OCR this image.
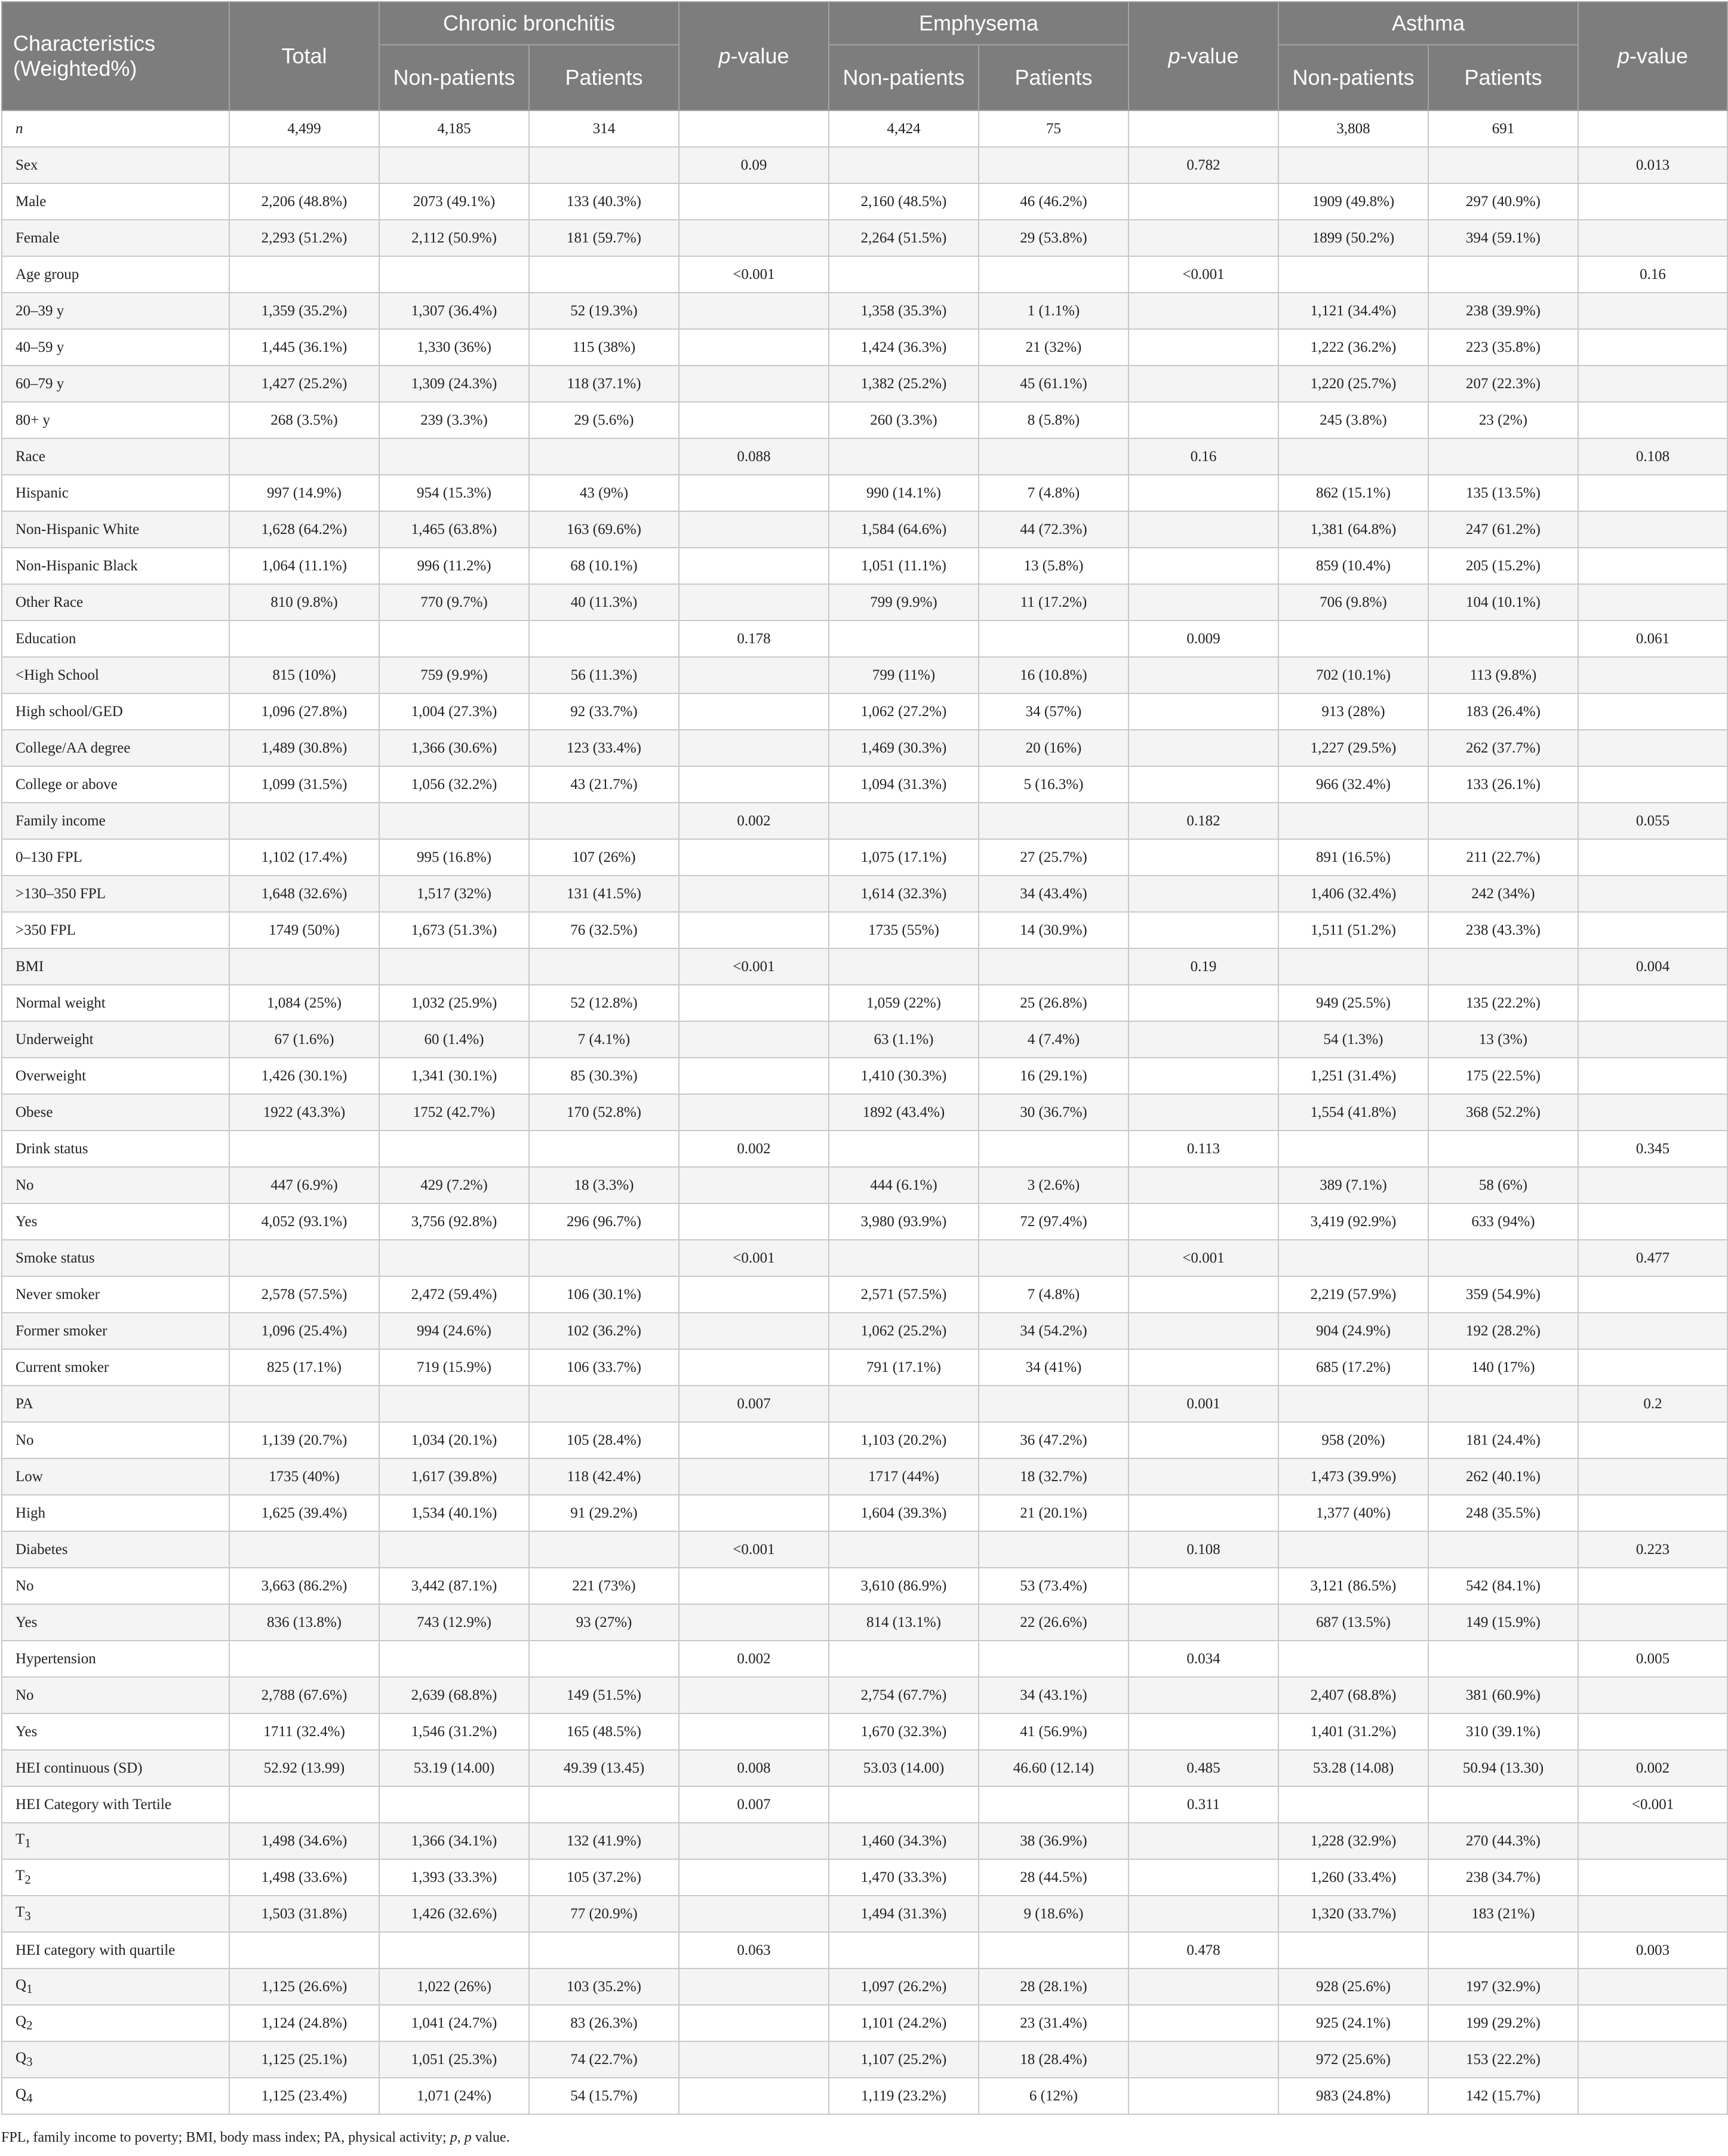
Characteristics (Weighted%)	Total	Chronic bronchitis		p-value	Emphysema		p-value	Asthma		p-value
		Non-patients	Patients		Non-patients	Patients		Non-patients	Patients	
n	4,499	4,185	314		4,424	75		3,808	691	
Sex				0.09			0.782			0.013
Male	2,206 (48.8%)	2073 (49.1%)	133 (40.3%)		2,160 (48.5%)	46 (46.2%)		1909 (49.8%)	297 (40.9%)	
Female	2,293 (51.2%)	2,112 (50.9%)	181 (59.7%)		2,264 (51.5%)	29 (53.8%)		1899 (50.2%)	394 (59.1%)	
Age group				<0.001			<0.001			0.16
20–39 y	1,359 (35.2%)	1,307 (36.4%)	52 (19.3%)		1,358 (35.3%)	1 (1.1%)		1,121 (34.4%)	238 (39.9%)	
40–59 y	1,445 (36.1%)	1,330 (36%)	115 (38%)		1,424 (36.3%)	21 (32%)		1,222 (36.2%)	223 (35.8%)	
60–79 y	1,427 (25.2%)	1,309 (24.3%)	118 (37.1%)		1,382 (25.2%)	45 (61.1%)		1,220 (25.7%)	207 (22.3%)	
80+ y	268 (3.5%)	239 (3.3%)	29 (5.6%)		260 (3.3%)	8 (5.8%)		245 (3.8%)	23 (2%)	
Race				0.088			0.16			0.108
Hispanic	997 (14.9%)	954 (15.3%)	43 (9%)		990 (14.1%)	7 (4.8%)		862 (15.1%)	135 (13.5%)	
Non-Hispanic White	1,628 (64.2%)	1,465 (63.8%)	163 (69.6%)		1,584 (64.6%)	44 (72.3%)		1,381 (64.8%)	247 (61.2%)	
Non-Hispanic Black	1,064 (11.1%)	996 (11.2%)	68 (10.1%)		1,051 (11.1%)	13 (5.8%)		859 (10.4%)	205 (15.2%)	
Other Race	810 (9.8%)	770 (9.7%)	40 (11.3%)		799 (9.9%)	11 (17.2%)		706 (9.8%)	104 (10.1%)	
Education				0.178			0.009			0.061
<High School	815 (10%)	759 (9.9%)	56 (11.3%)		799 (11%)	16 (10.8%)		702 (10.1%)	113 (9.8%)	
High school/GED	1,096 (27.8%)	1,004 (27.3%)	92 (33.7%)		1,062 (27.2%)	34 (57%)		913 (28%)	183 (26.4%)	
College/AA degree	1,489 (30.8%)	1,366 (30.6%)	123 (33.4%)		1,469 (30.3%)	20 (16%)		1,227 (29.5%)	262 (37.7%)	
College or above	1,099 (31.5%)	1,056 (32.2%)	43 (21.7%)		1,094 (31.3%)	5 (16.3%)		966 (32.4%)	133 (26.1%)	
Family income				0.002			0.182			0.055
0–130 FPL	1,102 (17.4%)	995 (16.8%)	107 (26%)		1,075 (17.1%)	27 (25.7%)		891 (16.5%)	211 (22.7%)	
>130–350 FPL	1,648 (32.6%)	1,517 (32%)	131 (41.5%)		1,614 (32.3%)	34 (43.4%)		1,406 (32.4%)	242 (34%)	
>350 FPL	1749 (50%)	1,673 (51.3%)	76 (32.5%)		1735 (55%)	14 (30.9%)		1,511 (51.2%)	238 (43.3%)	
BMI				<0.001			0.19			0.004
Normal weight	1,084 (25%)	1,032 (25.9%)	52 (12.8%)		1,059 (22%)	25 (26.8%)		949 (25.5%)	135 (22.2%)	
Underweight	67 (1.6%)	60 (1.4%)	7 (4.1%)		63 (1.1%)	4 (7.4%)		54 (1.3%)	13 (3%)	
Overweight	1,426 (30.1%)	1,341 (30.1%)	85 (30.3%)		1,410 (30.3%)	16 (29.1%)		1,251 (31.4%)	175 (22.5%)	
Obese	1922 (43.3%)	1752 (42.7%)	170 (52.8%)		1892 (43.4%)	30 (36.7%)		1,554 (41.8%)	368 (52.2%)	
Drink status				0.002			0.113			0.345
No	447 (6.9%)	429 (7.2%)	18 (3.3%)		444 (6.1%)	3 (2.6%)		389 (7.1%)	58 (6%)	
Yes	4,052 (93.1%)	3,756 (92.8%)	296 (96.7%)		3,980 (93.9%)	72 (97.4%)		3,419 (92.9%)	633 (94%)	
Smoke status				<0.001			<0.001			0.477
Never smoker	2,578 (57.5%)	2,472 (59.4%)	106 (30.1%)		2,571 (57.5%)	7 (4.8%)		2,219 (57.9%)	359 (54.9%)	
Former smoker	1,096 (25.4%)	994 (24.6%)	102 (36.2%)		1,062 (25.2%)	34 (54.2%)		904 (24.9%)	192 (28.2%)	
Current smoker	825 (17.1%)	719 (15.9%)	106 (33.7%)		791 (17.1%)	34 (41%)		685 (17.2%)	140 (17%)	
PA				0.007			0.001			0.2
No	1,139 (20.7%)	1,034 (20.1%)	105 (28.4%)		1,103 (20.2%)	36 (47.2%)		958 (20%)	181 (24.4%)	
Low	1735 (40%)	1,617 (39.8%)	118 (42.4%)		1717 (44%)	18 (32.7%)		1,473 (39.9%)	262 (40.1%)	
High	1,625 (39.4%)	1,534 (40.1%)	91 (29.2%)		1,604 (39.3%)	21 (20.1%)		1,377 (40%)	248 (35.5%)	
Diabetes				<0.001			0.108			0.223
No	3,663 (86.2%)	3,442 (87.1%)	221 (73%)		3,610 (86.9%)	53 (73.4%)		3,121 (86.5%)	542 (84.1%)	
Yes	836 (13.8%)	743 (12.9%)	93 (27%)		814 (13.1%)	22 (26.6%)		687 (13.5%)	149 (15.9%)	
Hypertension				0.002			0.034			0.005
No	2,788 (67.6%)	2,639 (68.8%)	149 (51.5%)		2,754 (67.7%)	34 (43.1%)		2,407 (68.8%)	381 (60.9%)	
Yes	1711 (32.4%)	1,546 (31.2%)	165 (48.5%)		1,670 (32.3%)	41 (56.9%)		1,401 (31.2%)	310 (39.1%)	
HEI continuous (SD)	52.92 (13.99)	53.19 (14.00)	49.39 (13.45)	0.008	53.03 (14.00)	46.60 (12.14)	0.485	53.28 (14.08)	50.94 (13.30)	0.002
HEI Category with Tertile				0.007			0.311			<0.001
$T_1$	1,498 (34.6%)	1,366 (34.1%)	132 (41.9%)		1,460 (34.3%)	38 (36.9%)		1,228 (32.9%)	270 (44.3%)	
$T_2$	1,498 (33.6%)	1,393 (33.3%)	105 (37.2%)		1,470 (33.3%)	28 (44.5%)		1,260 (33.4%)	238 (34.7%)	
$T_3$	1,503 (31.8%)	1,426 (32.6%)	77 (20.9%)		1,494 (31.3%)	9 (18.6%)		1,320 (33.7%)	183 (21%)	
HEI category with quartile				0.063			0.478			0.003
$Q_1$	1,125 (26.6%)	1,022 (26%)	103 (35.2%)		1,097 (26.2%)	28 (28.1%)		928 (25.6%)	197 (32.9%)	
$Q_2$	1,124 (24.8%)	1,041 (24.7%)	83 (26.3%)		1,101 (24.2%)	23 (31.4%)		925 (24.1%)	199 (29.2%)	
$Q_3$	1,125 (25.1%)	1,051 (25.3%)	74 (22.7%)		1,107 (25.2%)	18 (28.4%)		972 (25.6%)	153 (22.2%)	
$Q_4$	1,125 (23.4%)	1,071 (24%)	54 (15.7%)		1,119 (23.2%)	6 (12%)		983 (24.8%)	142 (15.7%)	
FPL, family income to poverty; BMI, body mass index; PA, physical activity; p, p value.
